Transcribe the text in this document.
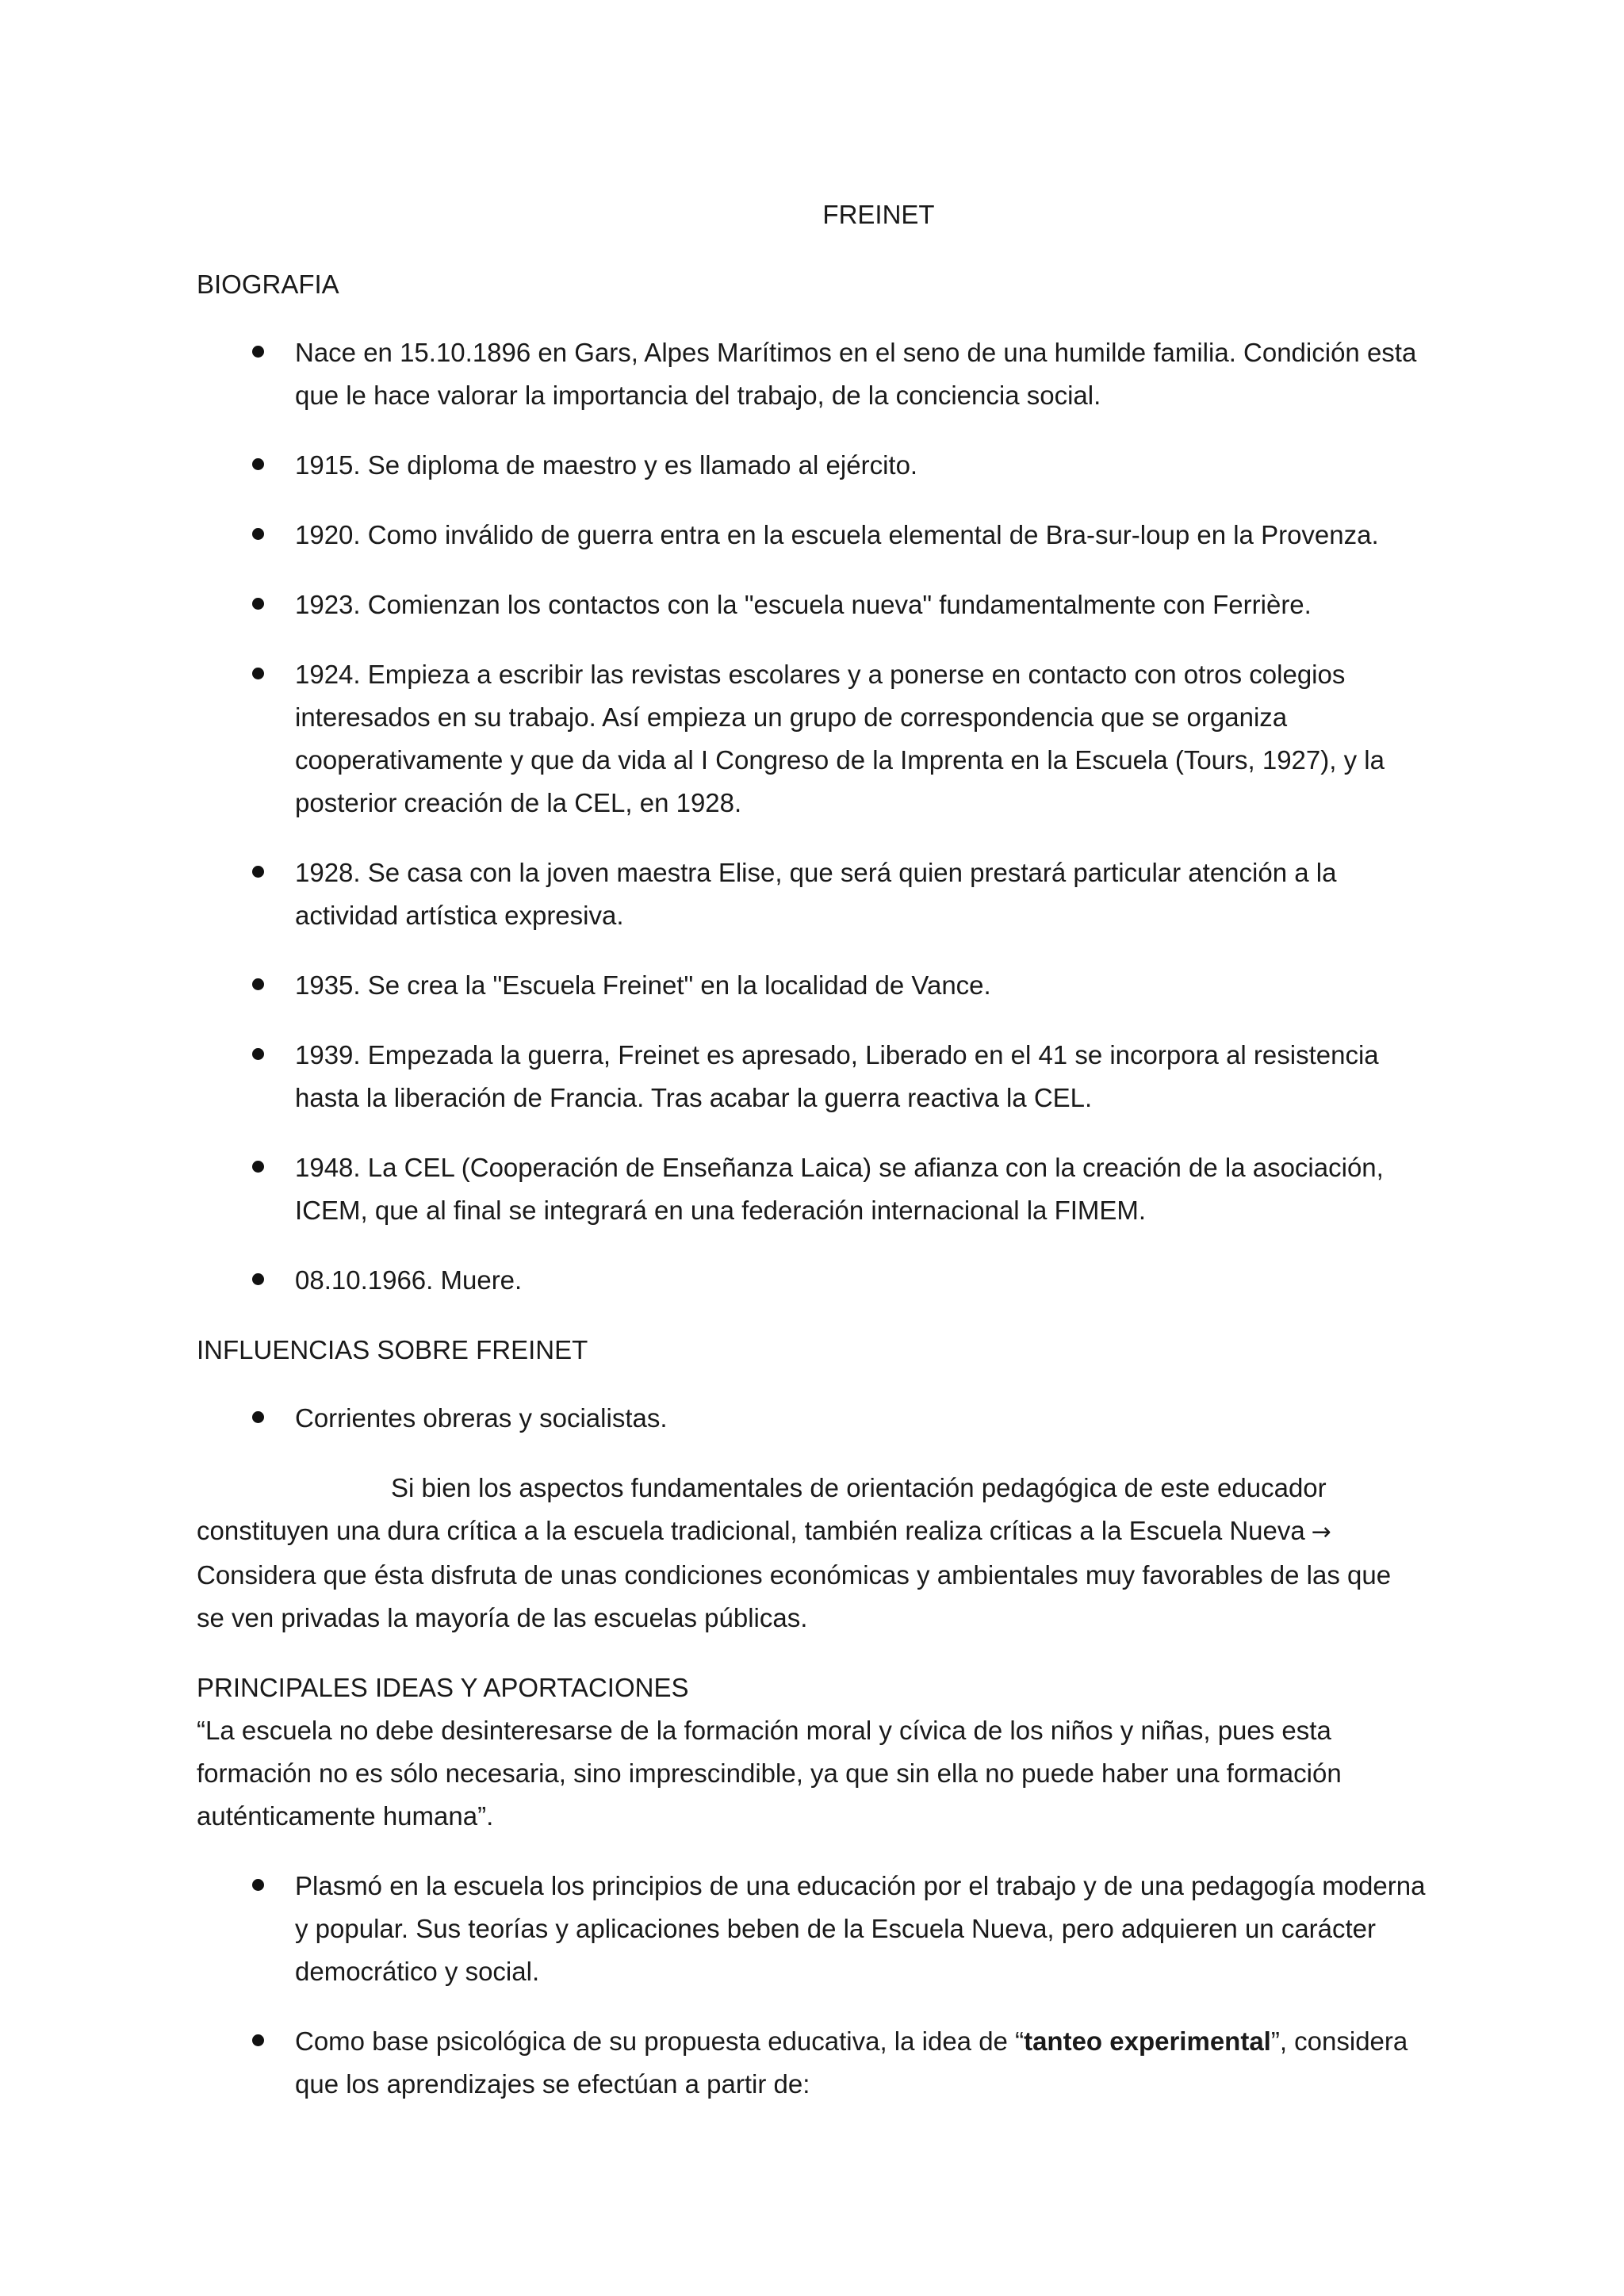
FREINET
BIOGRAFIA
Nace en 15.10.1896 en Gars, Alpes Marítimos en el seno de una humilde familia. Condición esta que le hace valorar la importancia del trabajo, de la conciencia social.
1915. Se diploma de maestro y es llamado al ejército.
1920. Como inválido de guerra entra en la escuela elemental de Bra-sur-loup en la Provenza.
1923. Comienzan los contactos con la "escuela nueva" fundamentalmente con Ferrière.
1924. Empieza a escribir las revistas escolares y a ponerse en contacto con otros colegios interesados en su trabajo. Así empieza un grupo de correspondencia que se organiza cooperativamente y que da vida al I Congreso de la Imprenta en la Escuela (Tours, 1927), y la posterior creación de la CEL, en 1928.
1928. Se casa con la joven maestra Elise, que será quien prestará particular atención a la actividad artística expresiva.
1935. Se crea la "Escuela Freinet" en la localidad de Vance.
1939. Empezada la guerra, Freinet es apresado, Liberado en el 41 se incorpora al resistencia hasta la liberación de Francia. Tras acabar la guerra reactiva la CEL.
1948. La CEL (Cooperación de Enseñanza Laica) se afianza con la creación de la asociación, ICEM, que al final se integrará en una federación internacional la FIMEM.
08.10.1966. Muere.
INFLUENCIAS SOBRE FREINET
Corrientes obreras y socialistas.

Si bien los aspectos fundamentales de orientación pedagógica de este educador constituyen una dura crítica a la escuela tradicional, también realiza críticas a la Escuela Nueva → Considera que ésta disfruta de unas condiciones económicas y ambientales muy favorables de las que se ven privadas la mayoría de las escuelas públicas.

PRINCIPALES IDEAS Y APORTACIONES

“La escuela no debe desinteresarse de la formación moral y cívica de los niños y niñas, pues esta formación no es sólo necesaria, sino imprescindible, ya que sin ella no puede haber una formación auténticamente humana”.

Plasmó en la escuela los principios de una educación por el trabajo y de una pedagogía moderna y popular. Sus teorías y aplicaciones beben de la Escuela Nueva, pero adquieren un carácter democrático y social.
Como base psicológica de su propuesta educativa, la idea de “tanteo experimental”, considera que los aprendizajes se efectúan a partir de:
